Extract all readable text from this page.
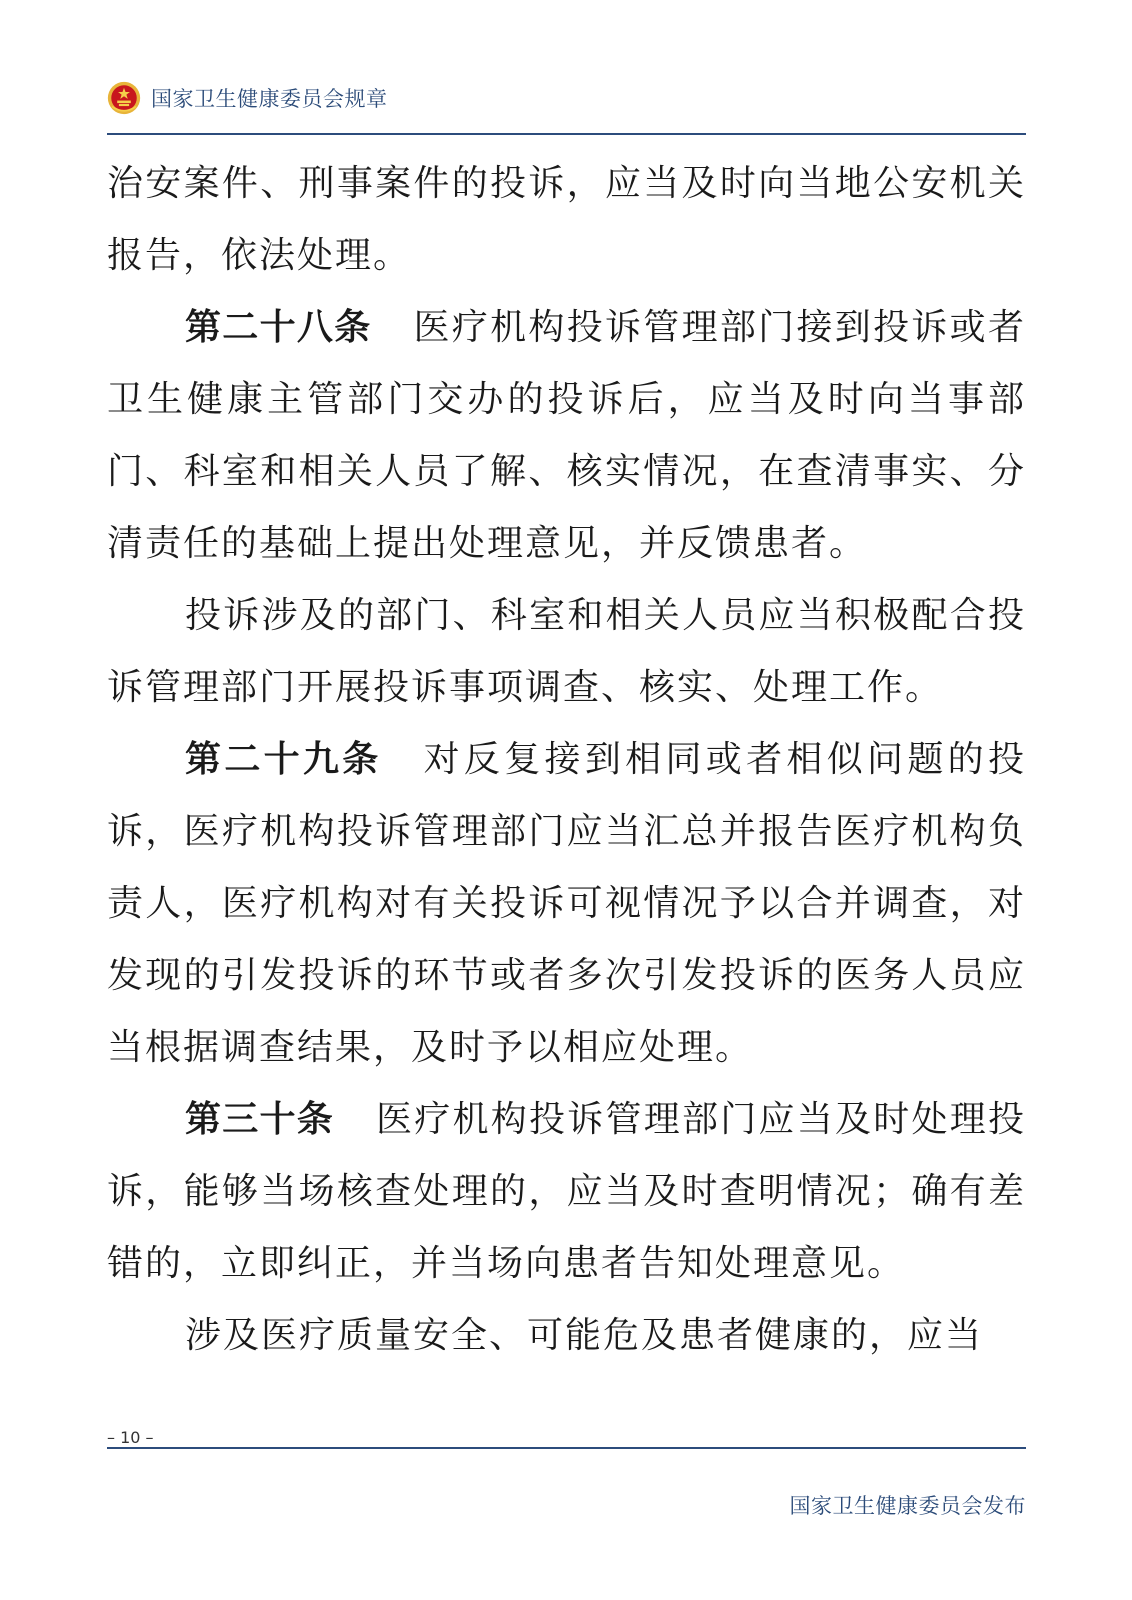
国家卫生健康委员会规章

治安案件、刑事案件的投诉，应当及时向当地公安机关报告，依法处理。

第二十八条 医疗机构投诉管理部门接到投诉或者卫生健康主管部门交办的投诉后，应当及时向当事部门、科室和相关人员了解、核实情况，在查清事实、分清责任的基础上提出处理意见，并反馈患者。

投诉涉及的部门、科室和相关人员应当积极配合投诉管理部门开展投诉事项调查、核实、处理工作。

第二十九条 对反复接到相同或者相似问题的投诉，医疗机构投诉管理部门应当汇总并报告医疗机构负责人，医疗机构对有关投诉可视情况予以合并调查，对发现的引发投诉的环节或者多次引发投诉的医务人员应当根据调查结果，及时予以相应处理。

第三十条 医疗机构投诉管理部门应当及时处理投诉，能够当场核查处理的，应当及时查明情况；确有差错的，立即纠正，并当场向患者告知处理意见。

涉及医疗质量安全、可能危及患者健康的，应当

– 10 –
国家卫生健康委员会发布
